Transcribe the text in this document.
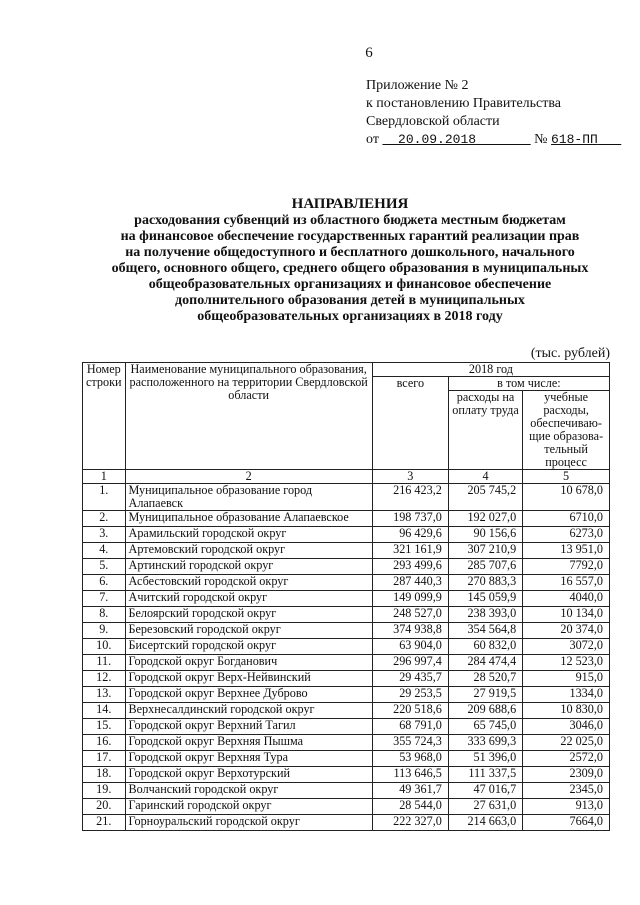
6
Приложение № 2
к постановлению Правительства
Свердловской области
от 20.09.2018	№ 618-ПП
НАПРАВЛЕНИЯ
расходования субвенций из областного бюджета местным бюджетам
на финансовое обеспечение государственных гарантий реализации прав
на получение общедоступного и бесплатного дошкольного, начального
общего, основного общего, среднего общего образования в муниципальных
общеобразовательных организациях и финансовое обеспечение
дополнительного образования детей в муниципальных
общеобразовательных организациях в 2018 году
(тыс. рублей)
Номер строки	Наименование муниципального образования, расположенного на территории Свердловской области	2018 год		
		всего	в том числе:	
			расходы на оплату труда	учебные расходы, обеспечиваю-щие образова-тельный процесс
1	2	3	4	5
1.	Муниципальное образование город Алапаевск	216 423,2	205 745,2	10 678,0
2.	Муниципальное образование Алапаевское	198 737,0	192 027,0	6710,0
3.	Арамильский городской округ	96 429,6	90 156,6	6273,0
4.	Артемовский городской округ	321 161,9	307 210,9	13 951,0
5.	Артинский городской округ	293 499,6	285 707,6	7792,0
6.	Асбестовский городской округ	287 440,3	270 883,3	16 557,0
7.	Ачитский городской округ	149 099,9	145 059,9	4040,0
8.	Белоярский городской округ	248 527,0	238 393,0	10 134,0
9.	Березовский городской округ	374 938,8	354 564,8	20 374,0
10.	Бисертский городской округ	63 904,0	60 832,0	3072,0
11.	Городской округ Богданович	296 997,4	284 474,4	12 523,0
12.	Городской округ Верх-Нейвинский	29 435,7	28 520,7	915,0
13.	Городской округ Верхнее Дуброво	29 253,5	27 919,5	1334,0
14.	Верхнесалдинский городской округ	220 518,6	209 688,6	10 830,0
15.	Городской округ Верхний Тагил	68 791,0	65 745,0	3046,0
16.	Городской округ Верхняя Пышма	355 724,3	333 699,3	22 025,0
17.	Городской округ Верхняя Тура	53 968,0	51 396,0	2572,0
18.	Городской округ Верхотурский	113 646,5	111 337,5	2309,0
19.	Волчанский городской округ	49 361,7	47 016,7	2345,0
20.	Гаринский городской округ	28 544,0	27 631,0	913,0
21.	Горноуральский городской округ	222 327,0	214 663,0	7664,0
